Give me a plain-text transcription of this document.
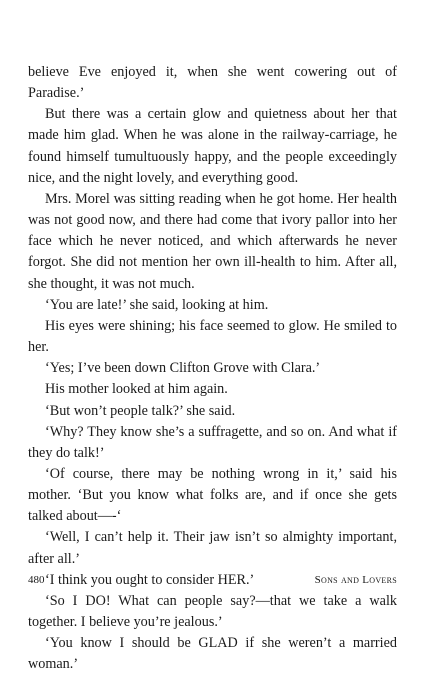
believe Eve enjoyed it, when she went cowering out of Paradise.’

But there was a certain glow and quietness about her that made him glad. When he was alone in the railway-carriage, he found himself tumultuously happy, and the people exceedingly nice, and the night lovely, and everything good.

Mrs. Morel was sitting reading when he got home. Her health was not good now, and there had come that ivory pallor into her face which he never noticed, and which afterwards he never forgot. She did not mention her own ill-health to him. After all, she thought, it was not much.

‘You are late!’ she said, looking at him.

His eyes were shining; his face seemed to glow. He smiled to her.

‘Yes; I’ve been down Clifton Grove with Clara.’

His mother looked at him again.

‘But won’t people talk?’ she said.

‘Why? They know she’s a suffragette, and so on. And what if they do talk!’

‘Of course, there may be nothing wrong in it,’ said his mother. ‘But you know what folks are, and if once she gets talked about—-‘

‘Well, I can’t help it. Their jaw isn’t so almighty important, after all.’

‘I think you ought to consider HER.’

‘So I DO! What can people say?—that we take a walk together. I believe you’re jealous.’

‘You know I should be GLAD if she weren’t a married woman.’

480	Sons and Lovers
